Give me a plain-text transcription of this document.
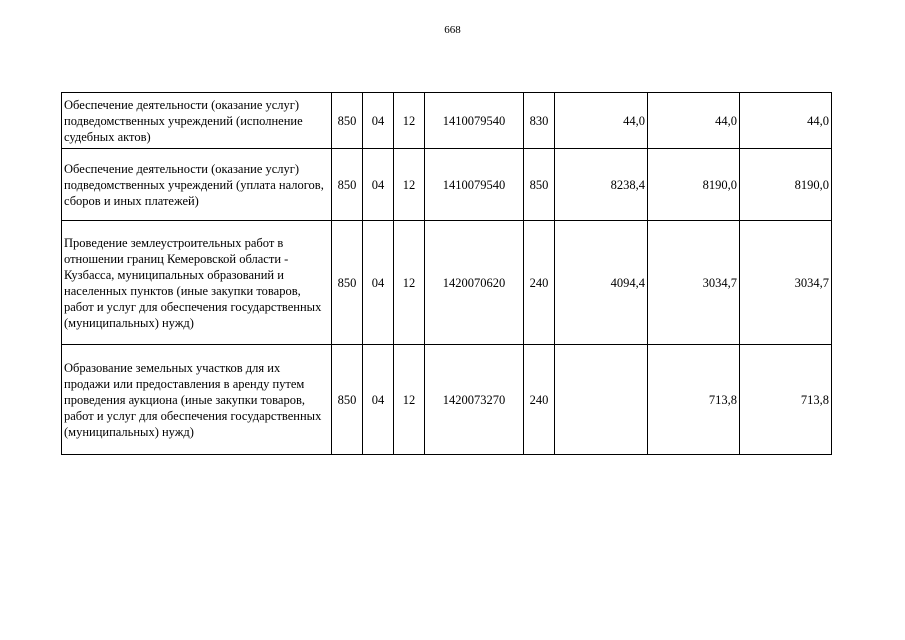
668
Обеспечение деятельности (оказание услуг) подведомственных учреждений (исполнение судебных актов)	850	04	12	1410079540	830	44,0	44,0	44,0
Обеспечение деятельности (оказание услуг) подведомственных учреждений (уплата налогов, сборов и иных платежей)	850	04	12	1410079540	850	8238,4	8190,0	8190,0
Проведение землеустроительных работ в отношении границ Кемеровской области - Кузбасса, муниципальных образований и населенных пунктов (иные закупки товаров, работ и услуг для обеспечения государственных (муниципальных) нужд)	850	04	12	1420070620	240	4094,4	3034,7	3034,7
Образование земельных участков для их продажи или предоставления в аренду путем проведения аукциона (иные закупки товаров, работ и услуг для обеспечения государственных (муниципальных) нужд)	850	04	12	1420073270	240		713,8	713,8
